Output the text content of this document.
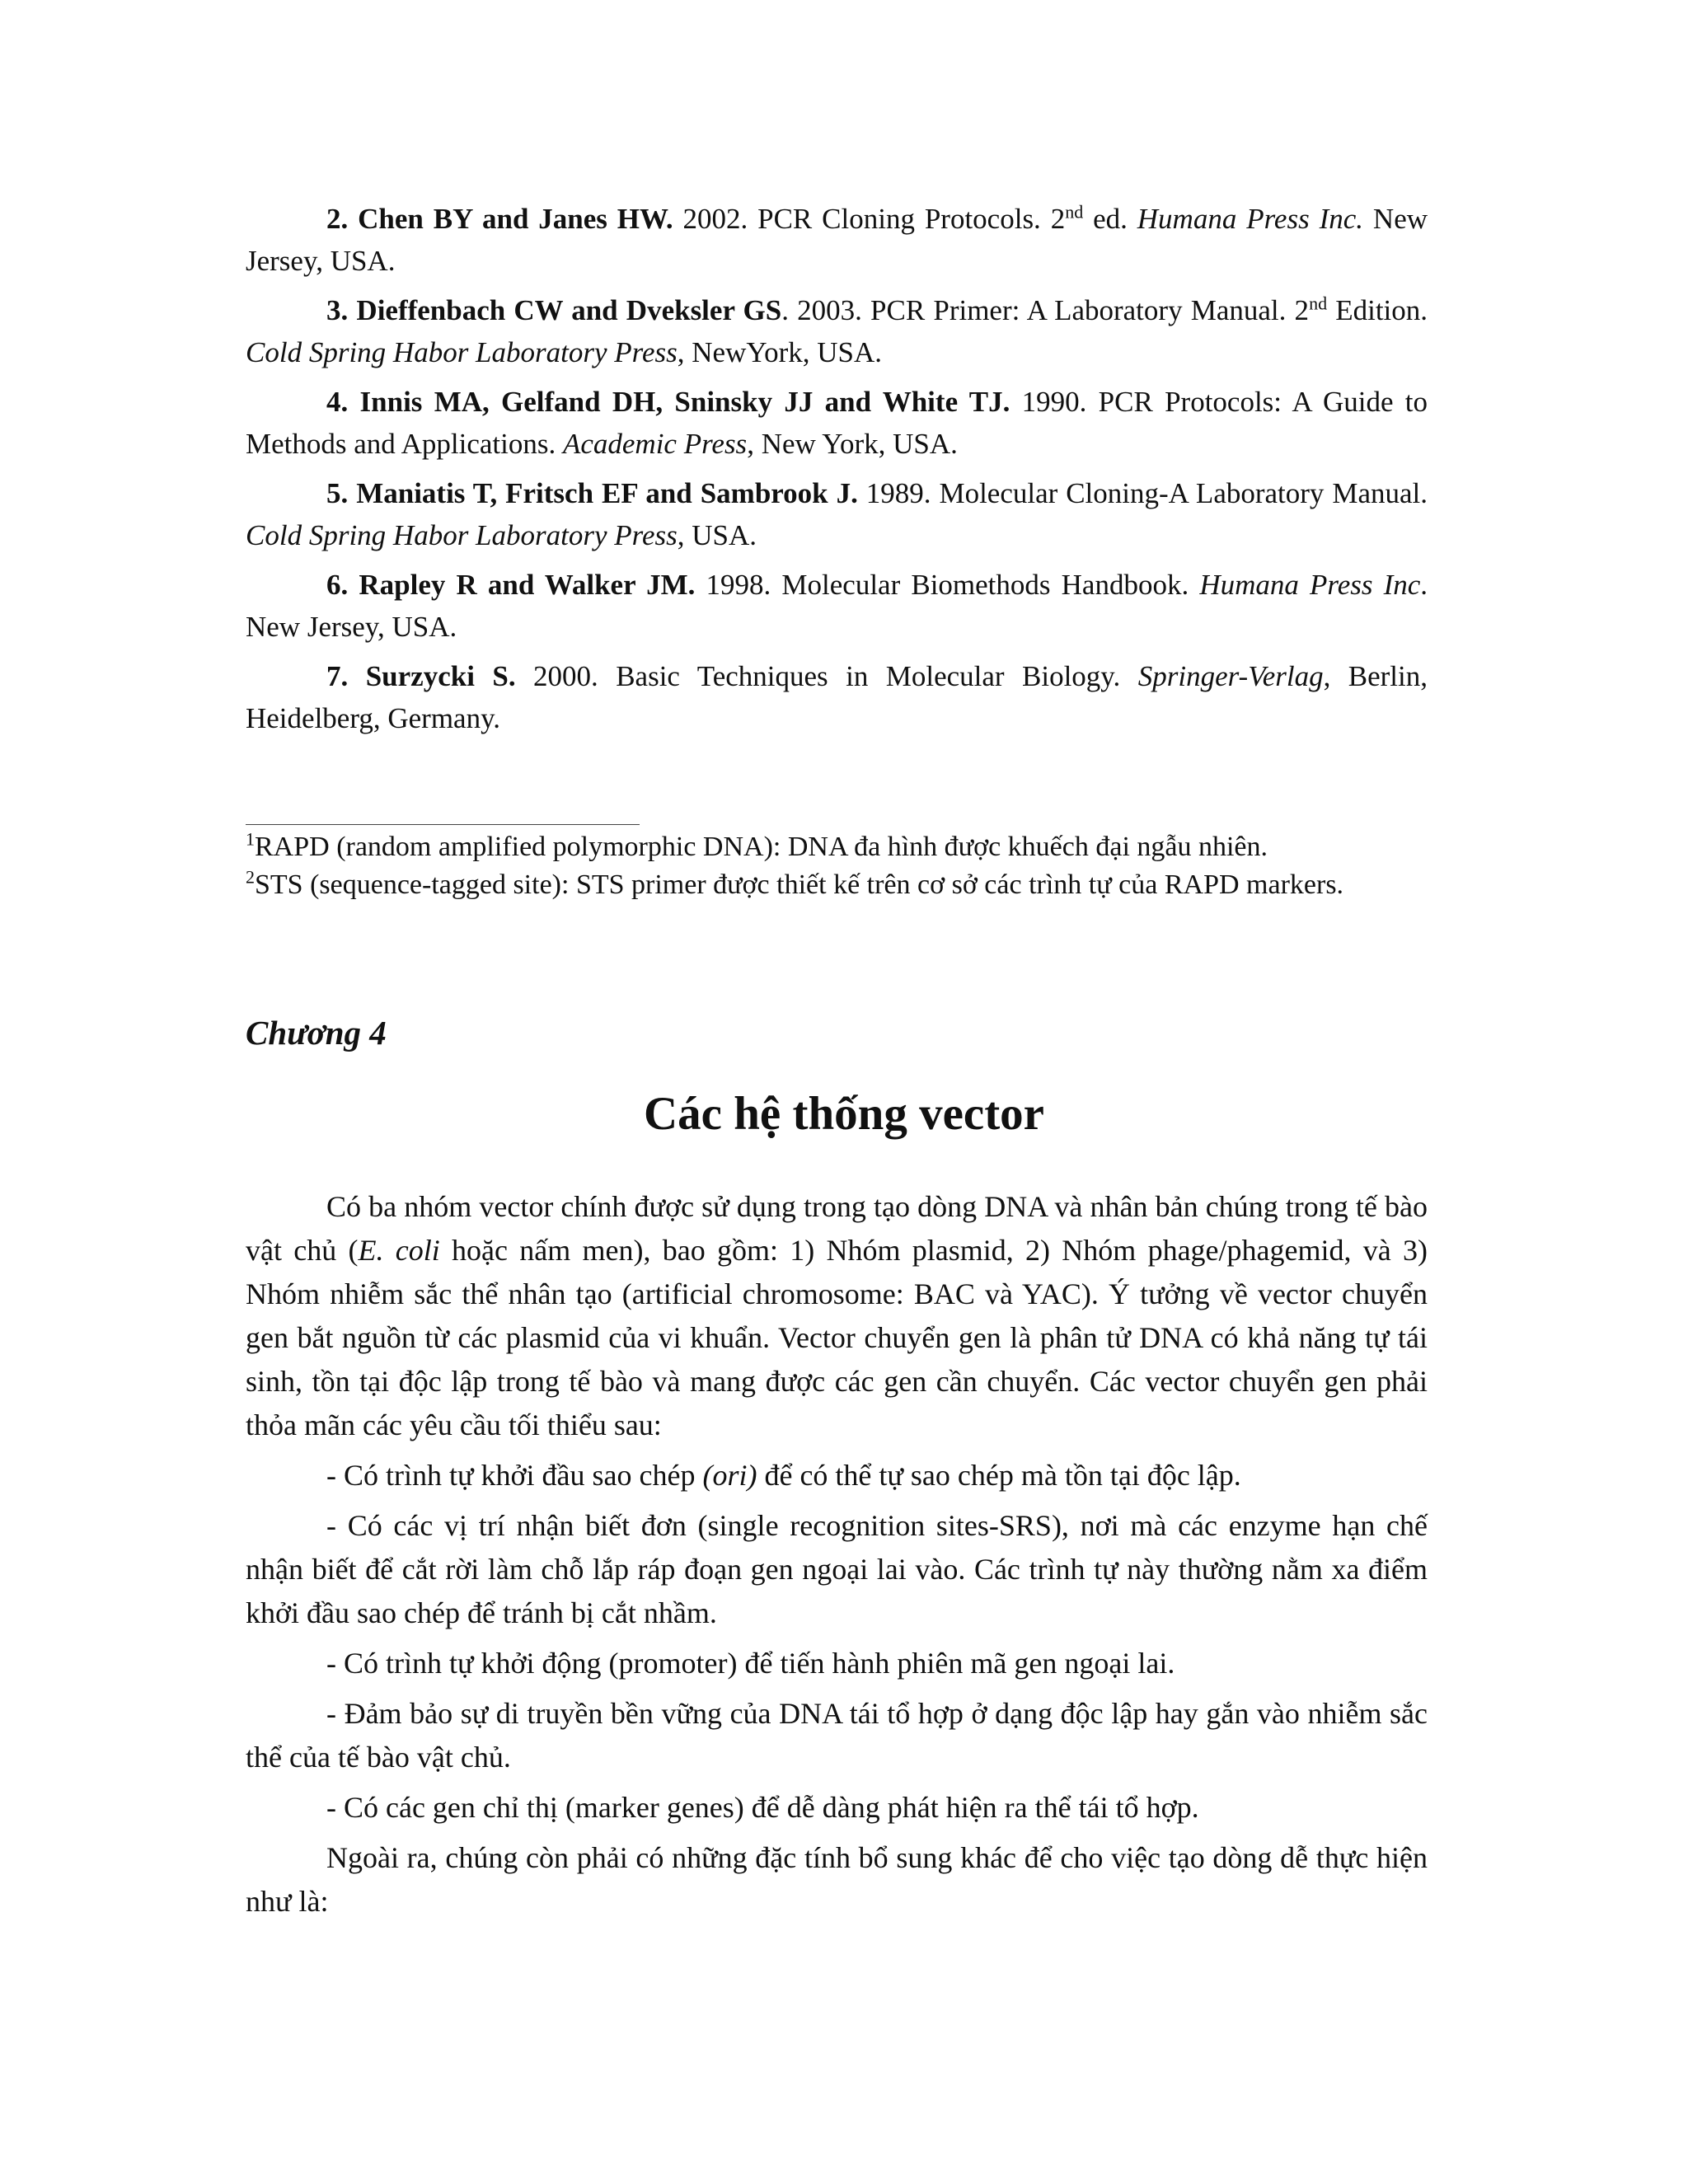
2. Chen BY and Janes HW. 2002. PCR Cloning Protocols. 2nd ed. Humana Press Inc. New Jersey, USA.

3. Dieffenbach CW and Dveksler GS. 2003. PCR Primer: A Laboratory Manual. 2nd Edition. Cold Spring Habor Laboratory Press, NewYork, USA.

4. Innis MA, Gelfand DH, Sninsky JJ and White TJ. 1990. PCR Protocols: A Guide to Methods and Applications. Academic Press, New York, USA.

5. Maniatis T, Fritsch EF and Sambrook J. 1989. Molecular Cloning-A Laboratory Manual. Cold Spring Habor Laboratory Press, USA.

6. Rapley R and Walker JM. 1998. Molecular Biomethods Handbook. Humana Press Inc. New Jersey, USA.

7. Surzycki S. 2000. Basic Techniques in Molecular Biology. Springer-Verlag, Berlin, Heidelberg, Germany.

$^1$RAPD (random amplified polymorphic DNA): DNA đa hình được khuếch đại ngẫu nhiên.

$^2$STS (sequence-tagged site): STS primer được thiết kế trên cơ sở các trình tự của RAPD markers.

Chương 4
Các hệ thống vector

Có ba nhóm vector chính được sử dụng trong tạo dòng DNA và nhân bản chúng trong tế bào vật chủ (E. coli hoặc nấm men), bao gồm: 1) Nhóm plasmid, 2) Nhóm phage/phagemid, và 3) Nhóm nhiễm sắc thể nhân tạo (artificial chromosome: BAC và YAC). Ý tưởng về vector chuyển gen bắt nguồn từ các plasmid của vi khuẩn. Vector chuyển gen là phân tử DNA có khả năng tự tái sinh, tồn tại độc lập trong tế bào và mang được các gen cần chuyển. Các vector chuyển gen phải thỏa mãn các yêu cầu tối thiểu sau:

- Có trình tự khởi đầu sao chép (ori) để có thể tự sao chép mà tồn tại độc lập.

- Có các vị trí nhận biết đơn (single recognition sites-SRS), nơi mà các enzyme hạn chế nhận biết để cắt rời làm chỗ lắp ráp đoạn gen ngoại lai vào. Các trình tự này thường nằm xa điểm khởi đầu sao chép để tránh bị cắt nhầm.

- Có trình tự khởi động (promoter) để tiến hành phiên mã gen ngoại lai.

- Đảm bảo sự di truyền bền vững của DNA tái tổ hợp ở dạng độc lập hay gắn vào nhiễm sắc thể của tế bào vật chủ.

- Có các gen chỉ thị (marker genes) để dễ dàng phát hiện ra thể tái tổ hợp.

Ngoài ra, chúng còn phải có những đặc tính bổ sung khác để cho việc tạo dòng dễ thực hiện như là:
